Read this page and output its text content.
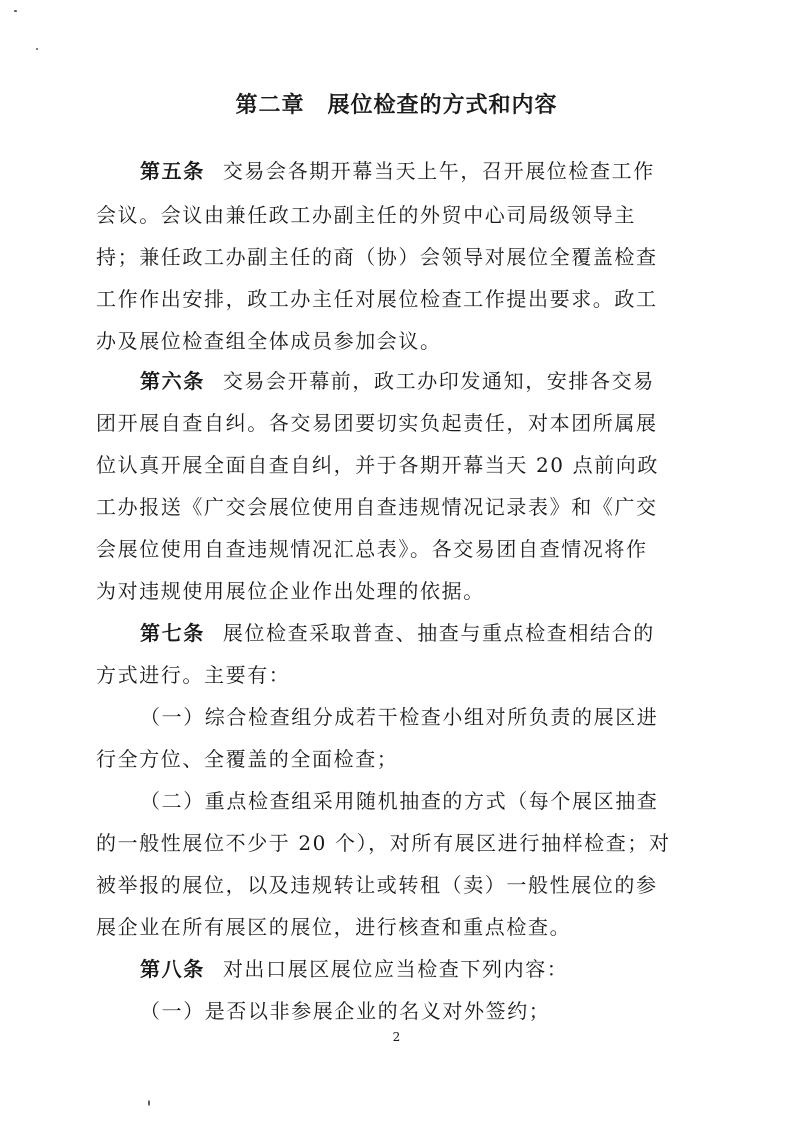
第二章　展位检查的方式和内容
第五条 交易会各期开幕当天上午，召开展位检查工作
会议。会议由兼任政工办副主任的外贸中心司局级领导主
持；兼任政工办副主任的商（协）会领导对展位全覆盖检查
工作作出安排，政工办主任对展位检查工作提出要求。政工
办及展位检查组全体成员参加会议。
第六条 交易会开幕前，政工办印发通知，安排各交易
团开展自查自纠。各交易团要切实负起责任，对本团所属展
位认真开展全面自查自纠，并于各期开幕当天 20 点前向政
工办报送《广交会展位使用自查违规情况记录表》和《广交
会展位使用自查违规情况汇总表》。各交易团自查情况将作
为对违规使用展位企业作出处理的依据。
第七条 展位检查采取普查、抽查与重点检查相结合的
方式进行。主要有：
（一）综合检查组分成若干检查小组对所负责的展区进
行全方位、全覆盖的全面检查；
（二）重点检查组采用随机抽查的方式（每个展区抽查
的一般性展位不少于 20 个），对所有展区进行抽样检查；对
被举报的展位，以及违规转让或转租（卖）一般性展位的参
展企业在所有展区的展位，进行核查和重点检查。
第八条 对出口展区展位应当检查下列内容：
（一）是否以非参展企业的名义对外签约；
2
